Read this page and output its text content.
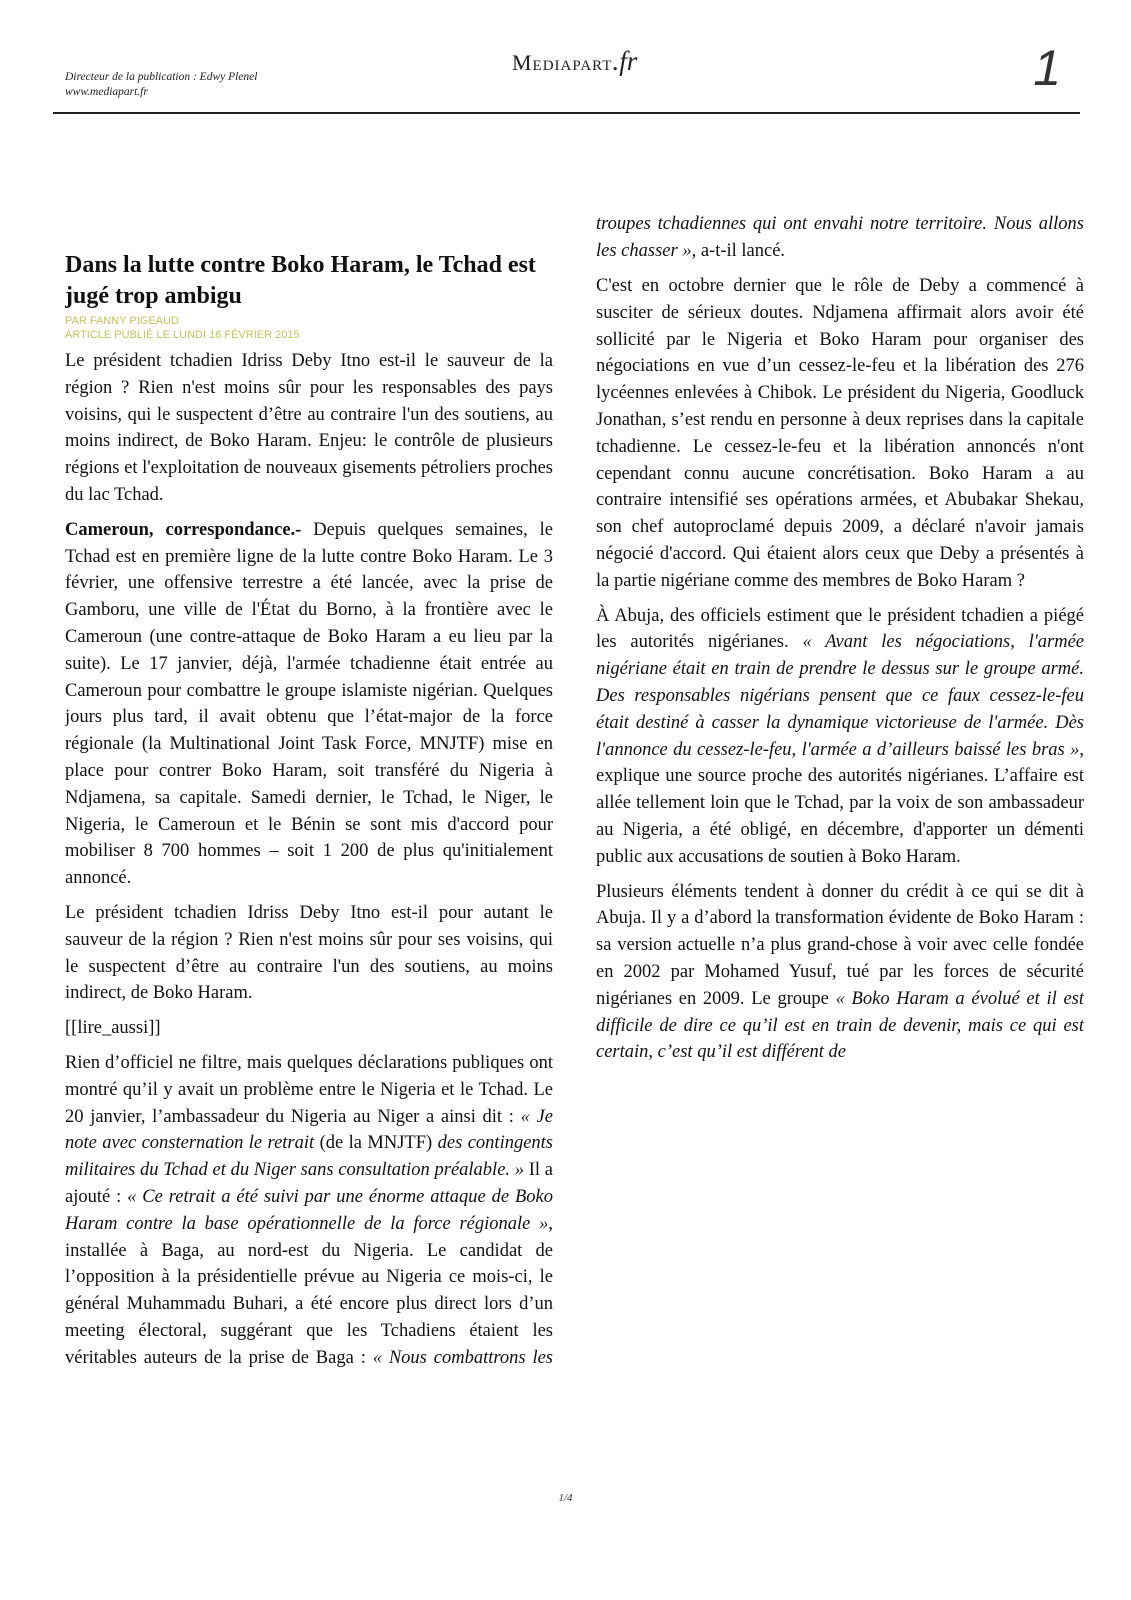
Directeur de la publication : Edwy Plenel
www.mediapart.fr
Mediapart.fr	1
Dans la lutte contre Boko Haram, le Tchad est jugé trop ambigu
PAR FANNY PIGEAUD
ARTICLE PUBLIÉ LE LUNDI 16 FÉVRIER 2015

Le président tchadien Idriss Deby Itno est-il le sauveur de la région ? Rien n'est moins sûr pour les responsables des pays voisins, qui le suspectent d’être au contraire l'un des soutiens, au moins indirect, de Boko Haram. Enjeu: le contrôle de plusieurs régions et l'exploitation de nouveaux gisements pétroliers proches du lac Tchad.

Cameroun, correspondance.- Depuis quelques semaines, le Tchad est en première ligne de la lutte contre Boko Haram. Le 3 février, une offensive terrestre a été lancée, avec la prise de Gamboru, une ville de l'État du Borno, à la frontière avec le Cameroun (une contre-attaque de Boko Haram a eu lieu par la suite). Le 17 janvier, déjà, l'armée tchadienne était entrée au Cameroun pour combattre le groupe islamiste nigérian. Quelques jours plus tard, il avait obtenu que l’état-major de la force régionale (la Multinational Joint Task Force, MNJTF) mise en place pour contrer Boko Haram, soit transféré du Nigeria à Ndjamena, sa capitale. Samedi dernier, le Tchad, le Niger, le Nigeria, le Cameroun et le Bénin se sont mis d'accord pour mobiliser 8 700 hommes – soit 1 200 de plus qu'initialement annoncé.

Le président tchadien Idriss Deby Itno est-il pour autant le sauveur de la région ? Rien n'est moins sûr pour ses voisins, qui le suspectent d’être au contraire l'un des soutiens, au moins indirect, de Boko Haram.

[[lire_aussi]]

Rien d’officiel ne filtre, mais quelques déclarations publiques ont montré qu’il y avait un problème entre le Nigeria et le Tchad. Le 20 janvier, l’ambassadeur du Nigeria au Niger a ainsi dit : « Je note avec consternation le retrait (de la MNJTF) des contingents militaires du Tchad et du Niger sans consultation préalable. » Il a ajouté : « Ce retrait a été suivi par une énorme attaque de Boko Haram contre la base opérationnelle de la force régionale », installée à Baga, au nord-est du Nigeria. Le candidat de l’opposition à la présidentielle prévue au Nigeria ce mois-ci, le général Muhammadu Buhari, a été encore plus direct lors d’un meeting électoral, suggérant que les Tchadiens étaient les véritables auteurs de la prise de Baga : « Nous combattrons les

troupes tchadiennes qui ont envahi notre territoire. Nous allons les chasser », a-t-il lancé.

C'est en octobre dernier que le rôle de Deby a commencé à susciter de sérieux doutes. Ndjamena affirmait alors avoir été sollicité par le Nigeria et Boko Haram pour organiser des négociations en vue d’un cessez-le-feu et la libération des 276 lycéennes enlevées à Chibok. Le président du Nigeria, Goodluck Jonathan, s’est rendu en personne à deux reprises dans la capitale tchadienne. Le cessez-le-feu et la libération annoncés n'ont cependant connu aucune concrétisation. Boko Haram a au contraire intensifié ses opérations armées, et Abubakar Shekau, son chef autoproclamé depuis 2009, a déclaré n'avoir jamais négocié d'accord. Qui étaient alors ceux que Deby a présentés à la partie nigériane comme des membres de Boko Haram ?

À Abuja, des officiels estiment que le président tchadien a piégé les autorités nigérianes. « Avant les négociations, l'armée nigériane était en train de prendre le dessus sur le groupe armé. Des responsables nigérians pensent que ce faux cessez-le-feu était destiné à casser la dynamique victorieuse de l'armée. Dès l'annonce du cessez-le-feu, l'armée a d’ailleurs baissé les bras », explique une source proche des autorités nigérianes. L’affaire est allée tellement loin que le Tchad, par la voix de son ambassadeur au Nigeria, a été obligé, en décembre, d'apporter un démenti public aux accusations de soutien à Boko Haram.

Plusieurs éléments tendent à donner du crédit à ce qui se dit à Abuja. Il y a d’abord la transformation évidente de Boko Haram : sa version actuelle n’a plus grand-chose à voir avec celle fondée en 2002 par Mohamed Yusuf, tué par les forces de sécurité nigérianes en 2009. Le groupe « Boko Haram a évolué et il est difficile de dire ce qu’il est en train de devenir, mais ce qui est certain, c’est qu’il est différent de

1/4
